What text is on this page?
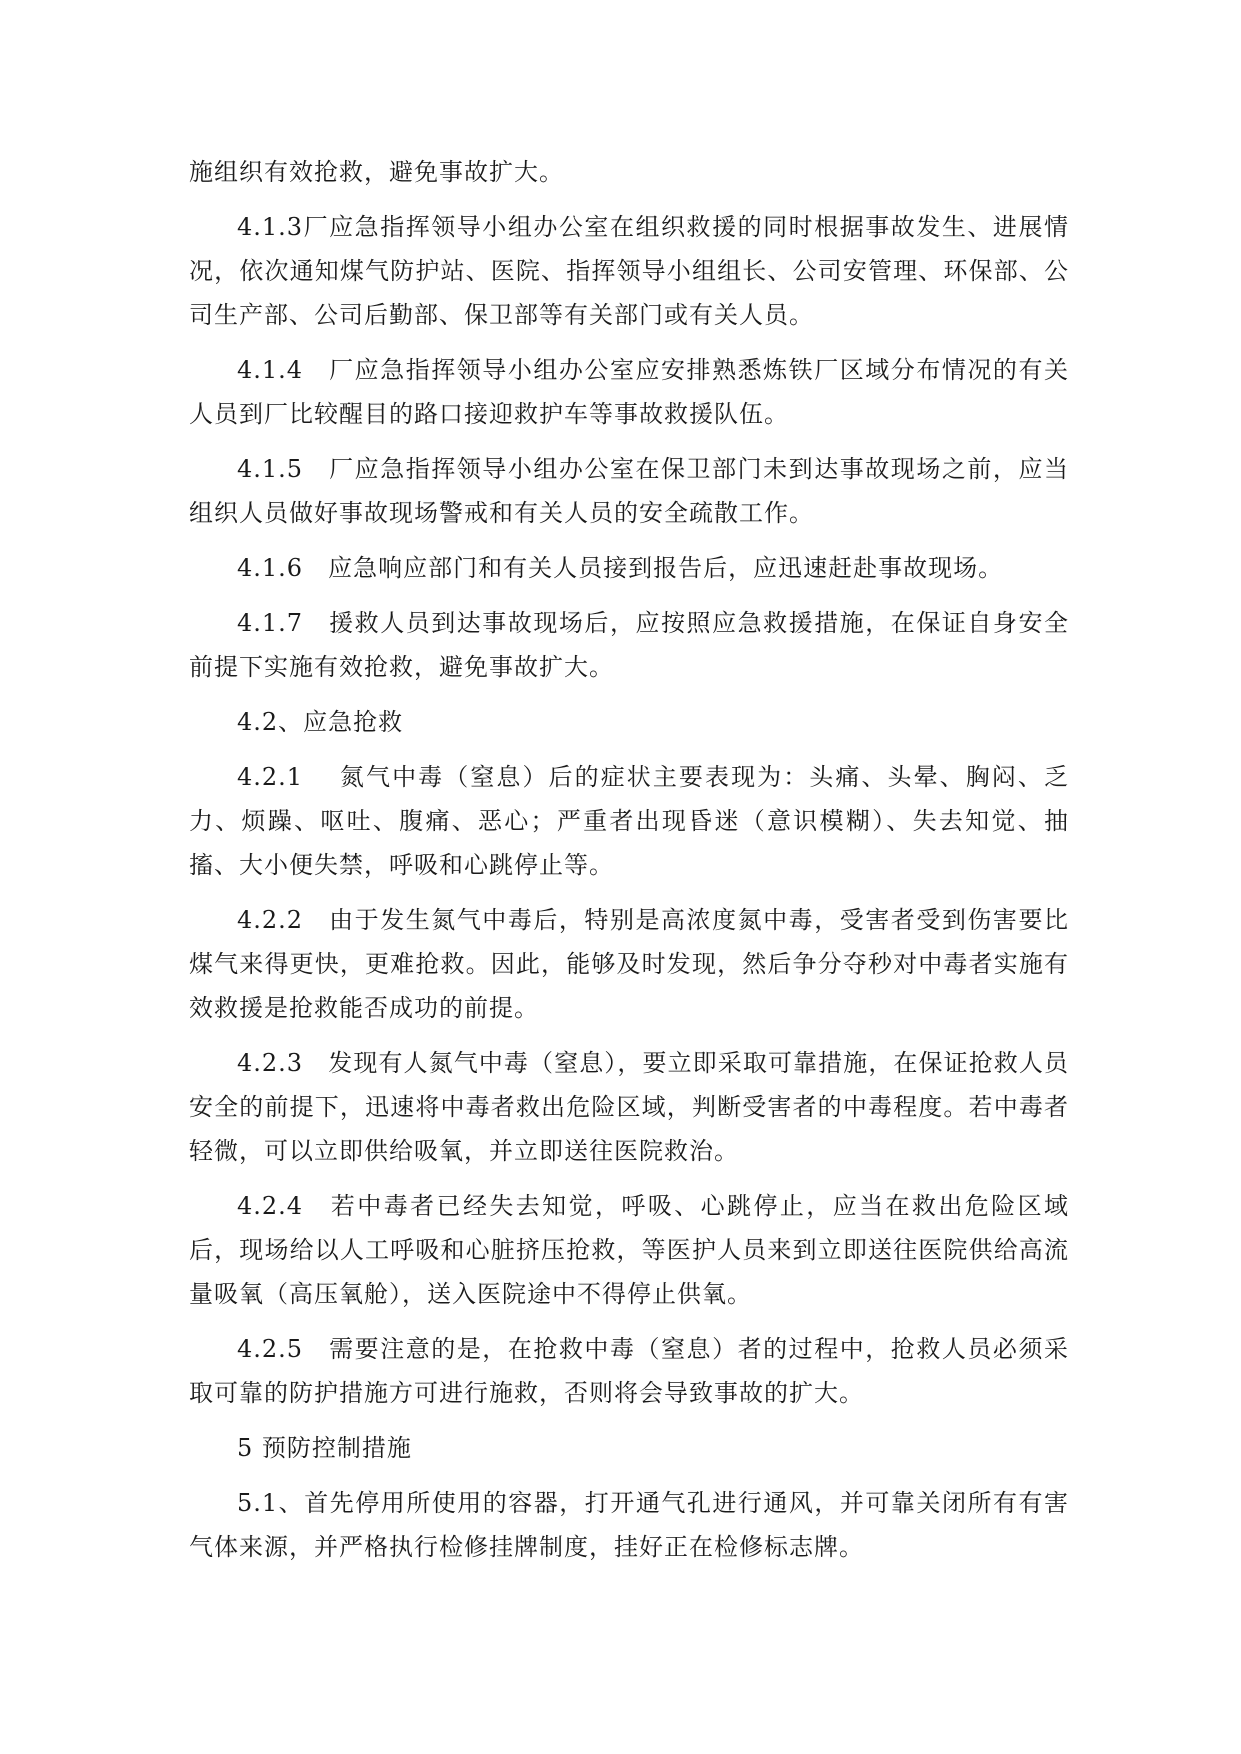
施组织有效抢救，避免事故扩大。

4.1.3厂应急指挥领导小组办公室在组织救援的同时根据事故发生、进展情况，依次通知煤气防护站、医院、指挥领导小组组长、公司安管理、环保部、公司生产部、公司后勤部、保卫部等有关部门或有关人员。

4.1.4　厂应急指挥领导小组办公室应安排熟悉炼铁厂区域分布情况的有关人员到厂比较醒目的路口接迎救护车等事故救援队伍。

4.1.5　厂应急指挥领导小组办公室在保卫部门未到达事故现场之前，应当组织人员做好事故现场警戒和有关人员的安全疏散工作。

4.1.6　应急响应部门和有关人员接到报告后，应迅速赶赴事故现场。

4.1.7　援救人员到达事故现场后，应按照应急救援措施，在保证自身安全前提下实施有效抢救，避免事故扩大。

4.2、应急抢救

4.2.1　 氮气中毒（窒息）后的症状主要表现为：头痛、头晕、胸闷、乏力、烦躁、呕吐、腹痛、恶心；严重者出现昏迷（意识模糊）、失去知觉、抽搐、大小便失禁，呼吸和心跳停止等。

4.2.2　由于发生氮气中毒后，特别是高浓度氮中毒，受害者受到伤害要比煤气来得更快，更难抢救。因此，能够及时发现，然后争分夺秒对中毒者实施有效救援是抢救能否成功的前提。

4.2.3　发现有人氮气中毒（窒息），要立即采取可靠措施，在保证抢救人员安全的前提下，迅速将中毒者救出危险区域，判断受害者的中毒程度。若中毒者轻微，可以立即供给吸氧，并立即送往医院救治。

4.2.4　若中毒者已经失去知觉，呼吸、心跳停止，应当在救出危险区域后，现场给以人工呼吸和心脏挤压抢救，等医护人员来到立即送往医院供给高流量吸氧（高压氧舱），送入医院途中不得停止供氧。

4.2.5　需要注意的是，在抢救中毒（窒息）者的过程中，抢救人员必须采取可靠的防护措施方可进行施救，否则将会导致事故的扩大。

5 预防控制措施

5.1、首先停用所使用的容器，打开通气孔进行通风，并可靠关闭所有有害气体来源，并严格执行检修挂牌制度，挂好正在检修标志牌。
